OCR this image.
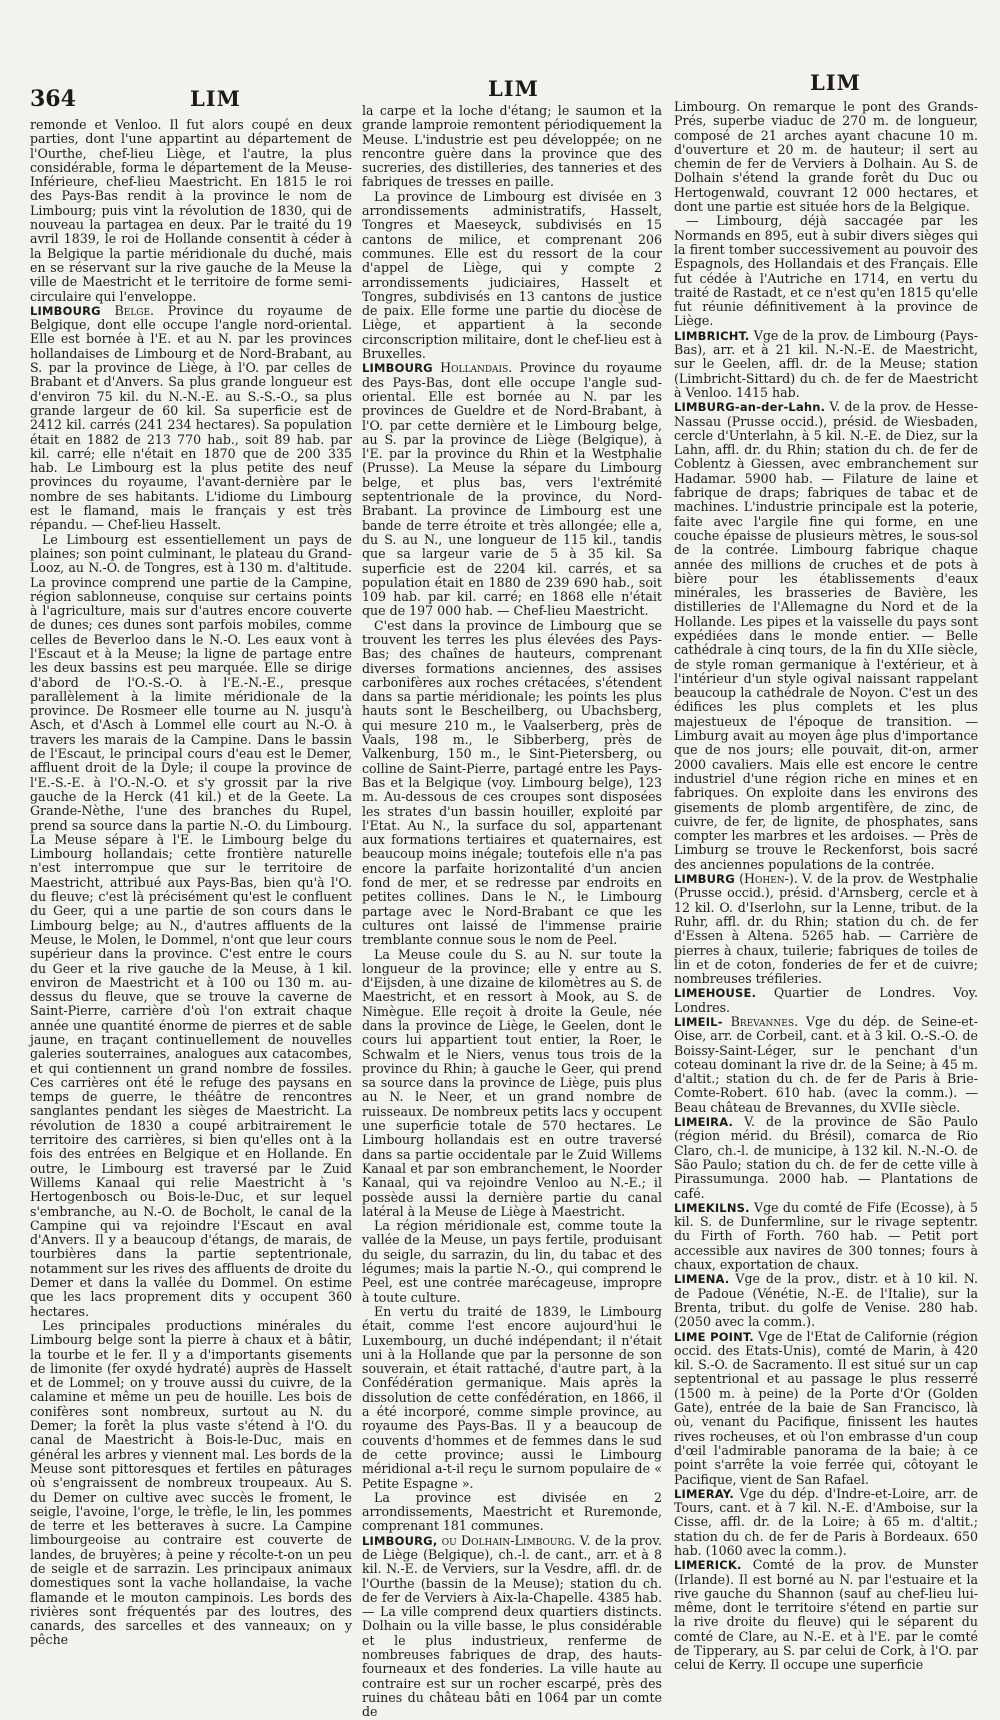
364	LIM	LIM	LIM

remonde et Venloo. Il fut alors coupé en deux parties, dont l'une appartint au département de l'Ourthe, chef-lieu Liège, et l'autre, la plus considérable, forma le département de la Meuse-Inférieure, chef-lieu Maestricht. En 1815 le roi des Pays-Bas rendit à la province le nom de Limbourg; puis vint la révolution de 1830, qui de nouveau la partagea en deux. Par le traité du 19 avril 1839, le roi de Hollande consentit à céder à la Belgique la partie méridionale du duché, mais en se réservant sur la rive gauche de la Meuse la ville de Maestricht et le territoire de forme semi-circulaire qui l'enveloppe.

LIMBOURG Belge. Province du royaume de Belgique, dont elle occupe l'angle nord-oriental. Elle est bornée à l'E. et au N. par les provinces hollandaises de Limbourg et de Nord-Brabant, au S. par la province de Liège, à l'O. par celles de Brabant et d'Anvers. Sa plus grande longueur est d'environ 75 kil. du N.-N.-E. au S.-S.-O., sa plus grande largeur de 60 kil. Sa superficie est de 2412 kil. carrés (241 234 hectares). Sa population était en 1882 de 213 770 hab., soit 89 hab. par kil. carré; elle n'était en 1870 que de 200 335 hab. Le Limbourg est la plus petite des neuf provinces du royaume, l'avant-dernière par le nombre de ses habitants. L'idiome du Limbourg est le flamand, mais le français y est très répandu. — Chef-lieu Hasselt.

Le Limbourg est essentiellement un pays de plaines; son point culminant, le plateau du Grand-Looz, au N.-O. de Tongres, est à 130 m. d'altitude. La province comprend une partie de la Campine, région sablonneuse, conquise sur certains points à l'agriculture, mais sur d'autres encore couverte de dunes; ces dunes sont parfois mobiles, comme celles de Beverloo dans le N.-O. Les eaux vont à l'Escaut et à la Meuse; la ligne de partage entre les deux bassins est peu marquée. Elle se dirige d'abord de l'O.-S.-O. à l'E.-N.-E., presque parallèlement à la limite méridionale de la province. De Rosmeer elle tourne au N. jusqu'à Asch, et d'Asch à Lommel elle court au N.-O. à travers les marais de la Campine. Dans le bassin de l'Escaut, le principal cours d'eau est le Demer, affluent droit de la Dyle; il coupe la province de l'E.-S.-E. à l'O.-N.-O. et s'y grossit par la rive gauche de la Herck (41 kil.) et de la Geete. La Grande-Nèthe, l'une des branches du Rupel, prend sa source dans la partie N.-O. du Limbourg. La Meuse sépare à l'E. le Limbourg belge du Limbourg hollandais; cette frontière naturelle n'est interrompue que sur le territoire de Maestricht, attribué aux Pays-Bas, bien qu'à l'O. du fleuve; c'est là précisément qu'est le confluent du Geer, qui a une partie de son cours dans le Limbourg belge; au N., d'autres affluents de la Meuse, le Molen, le Dommel, n'ont que leur cours supérieur dans la province. C'est entre le cours du Geer et la rive gauche de la Meuse, à 1 kil. environ de Maestricht et à 100 ou 130 m. au-dessus du fleuve, que se trouve la caverne de Saint-Pierre, carrière d'où l'on extrait chaque année une quantité énorme de pierres et de sable jaune, en traçant continuellement de nouvelles galeries souterraines, analogues aux catacombes, et qui contiennent un grand nombre de fossiles. Ces carrières ont été le refuge des paysans en temps de guerre, le théâtre de rencontres sanglantes pendant les sièges de Maestricht. La révolution de 1830 a coupé arbitrairement le territoire des carrières, si bien qu'elles ont à la fois des entrées en Belgique et en Hollande. En outre, le Limbourg est traversé par le Zuid Willems Kanaal qui relie Maestricht à 's Hertogenbosch ou Bois-le-Duc, et sur lequel s'embranche, au N.-O. de Bocholt, le canal de la Campine qui va rejoindre l'Escaut en aval d'Anvers. Il y a beaucoup d'étangs, de marais, de tourbières dans la partie septentrionale, notamment sur les rives des affluents de droite du Demer et dans la vallée du Dommel. On estime que les lacs proprement dits y occupent 360 hectares.

Les principales productions minérales du Limbourg belge sont la pierre à chaux et à bâtir, la tourbe et le fer. Il y a d'importants gisements de limonite (fer oxydé hydraté) auprès de Hasselt et de Lommel; on y trouve aussi du cuivre, de la calamine et même un peu de houille. Les bois de conifères sont nombreux, surtout au N. du Demer; la forêt la plus vaste s'étend à l'O. du canal de Maestricht à Bois-le-Duc, mais en général les arbres y viennent mal. Les bords de la Meuse sont pittoresques et fertiles en pâturages où s'engraissent de nombreux troupeaux. Au S. du Demer on cultive avec succès le froment, le seigle, l'avoine, l'orge, le trèfle, le lin, les pommes de terre et les betteraves à sucre. La Campine limbourgeoise au contraire est couverte de landes, de bruyères; à peine y récolte-t-on un peu de seigle et de sarrazin. Les principaux animaux domestiques sont la vache hollandaise, la vache flamande et le mouton campinois. Les bords des rivières sont fréquentés par des loutres, des canards, des sarcelles et des vanneaux; on y pêche

la carpe et la loche d'étang; le saumon et la grande lamproie remontent périodiquement la Meuse. L'industrie est peu développée; on ne rencontre guère dans la province que des sucreries, des distilleries, des tanneries et des fabriques de tresses en paille.

La province de Limbourg est divisée en 3 arrondissements administratifs, Hasselt, Tongres et Maeseyck, subdivisés en 15 cantons de milice, et comprenant 206 communes. Elle est du ressort de la cour d'appel de Liège, qui y compte 2 arrondissements judiciaires, Hasselt et Tongres, subdivisés en 13 cantons de justice de paix. Elle forme une partie du diocèse de Liège, et appartient à la seconde circonscription militaire, dont le chef-lieu est à Bruxelles.

LIMBOURG Hollandais. Province du royaume des Pays-Bas, dont elle occupe l'angle sud-oriental. Elle est bornée au N. par les provinces de Gueldre et de Nord-Brabant, à l'O. par cette dernière et le Limbourg belge, au S. par la province de Liège (Belgique), à l'E. par la province du Rhin et la Westphalie (Prusse). La Meuse la sépare du Limbourg belge, et plus bas, vers l'extrémité septentrionale de la province, du Nord-Brabant. La province de Limbourg est une bande de terre étroite et très allongée; elle a, du S. au N., une longueur de 115 kil., tandis que sa largeur varie de 5 à 35 kil. Sa superficie est de 2204 kil. carrés, et sa population était en 1880 de 239 690 hab., soit 109 hab. par kil. carré; en 1868 elle n'était que de 197 000 hab. — Chef-lieu Maestricht.

C'est dans la province de Limbourg que se trouvent les terres les plus élevées des Pays-Bas; des chaînes de hauteurs, comprenant diverses formations anciennes, des assises carbonifères aux roches crétacées, s'étendent dans sa partie méridionale; les points les plus hauts sont le Bescheilberg, ou Ubachsberg, qui mesure 210 m., le Vaalserberg, près de Vaals, 198 m., le Sibberberg, près de Valkenburg, 150 m., le Sint-Pietersberg, ou colline de Saint-Pierre, partagé entre les Pays-Bas et la Belgique (voy. Limbourg belge), 123 m. Au-dessous de ces croupes sont disposées les strates d'un bassin houiller, exploité par l'Etat. Au N., la surface du sol, appartenant aux formations tertiaires et quaternaires, est beaucoup moins inégale; toutefois elle n'a pas encore la parfaite horizontalité d'un ancien fond de mer, et se redresse par endroits en petites collines. Dans le N., le Limbourg partage avec le Nord-Brabant ce que les cultures ont laissé de l'immense prairie tremblante connue sous le nom de Peel.

La Meuse coule du S. au N. sur toute la longueur de la province; elle y entre au S. d'Eijsden, à une dizaine de kilomètres au S. de Maestricht, et en ressort à Mook, au S. de Nimègue. Elle reçoit à droite la Geule, née dans la province de Liège, le Geelen, dont le cours lui appartient tout entier, la Roer, le Schwalm et le Niers, venus tous trois de la province du Rhin; à gauche le Geer, qui prend sa source dans la province de Liège, puis plus au N. le Neer, et un grand nombre de ruisseaux. De nombreux petits lacs y occupent une superficie totale de 570 hectares. Le Limbourg hollandais est en outre traversé dans sa partie occidentale par le Zuid Willems Kanaal et par son embranchement, le Noorder Kanaal, qui va rejoindre Venloo au N.-E.; il possède aussi la dernière partie du canal latéral à la Meuse de Liège à Maestricht.

La région méridionale est, comme toute la vallée de la Meuse, un pays fertile, produisant du seigle, du sarrazin, du lin, du tabac et des légumes; mais la partie N.-O., qui comprend le Peel, est une contrée marécageuse, impropre à toute culture.

En vertu du traité de 1839, le Limbourg était, comme l'est encore aujourd'hui le Luxembourg, un duché indépendant; il n'était uni à la Hollande que par la personne de son souverain, et était rattaché, d'autre part, à la Confédération germanique. Mais après la dissolution de cette confédération, en 1866, il a été incorporé, comme simple province, au royaume des Pays-Bas. Il y a beaucoup de couvents d'hommes et de femmes dans le sud de cette province; aussi le Limbourg méridional a-t-il reçu le surnom populaire de « Petite Espagne ».

La province est divisée en 2 arrondissements, Maestricht et Ruremonde, comprenant 181 communes.

LIMBOURG, ou Dolhain-Limbourg. V. de la prov. de Liège (Belgique), ch.-l. de cant., arr. et à 8 kil. N.-E. de Verviers, sur la Vesdre, affl. dr. de l'Ourthe (bassin de la Meuse); station du ch. de fer de Verviers à Aix-la-Chapelle. 4385 hab. — La ville comprend deux quartiers distincts. Dolhain ou la ville basse, le plus considérable et le plus industrieux, renferme de nombreuses fabriques de drap, des hauts-fourneaux et des fonderies. La ville haute au contraire est sur un rocher escarpé, près des ruines du château bâti en 1064 par un comte de

Limbourg. On remarque le pont des Grands-Prés, superbe viaduc de 270 m. de longueur, composé de 21 arches ayant chacune 10 m. d'ouverture et 20 m. de hauteur; il sert au chemin de fer de Verviers à Dolhain. Au S. de Dolhain s'étend la grande forêt du Duc ou Hertogenwald, couvrant 12 000 hectares, et dont une partie est située hors de la Belgique.

— Limbourg, déjà saccagée par les Normands en 895, eut à subir divers sièges qui la firent tomber successivement au pouvoir des Espagnols, des Hollandais et des Français. Elle fut cédée à l'Autriche en 1714, en vertu du traité de Rastadt, et ce n'est qu'en 1815 qu'elle fut réunie définitivement à la province de Liège.

LIMBRICHT. Vge de la prov. de Limbourg (Pays-Bas), arr. et à 21 kil. N.-N.-E. de Maestricht, sur le Geelen, affl. dr. de la Meuse; station (Limbricht-Sittard) du ch. de fer de Maestricht à Venloo. 1415 hab.

LIMBURG-an-der-Lahn. V. de la prov. de Hesse-Nassau (Prusse occid.), présid. de Wiesbaden, cercle d'Unterlahn, à 5 kil. N.-E. de Diez, sur la Lahn, affl. dr. du Rhin; station du ch. de fer de Coblentz à Giessen, avec embranchement sur Hadamar. 5900 hab. — Filature de laine et fabrique de draps; fabriques de tabac et de machines. L'industrie principale est la poterie, faite avec l'argile fine qui forme, en une couche épaisse de plusieurs mètres, le sous-sol de la contrée. Limbourg fabrique chaque année des millions de cruches et de pots à bière pour les établissements d'eaux minérales, les brasseries de Bavière, les distilleries de l'Allemagne du Nord et de la Hollande. Les pipes et la vaisselle du pays sont expédiées dans le monde entier. — Belle cathédrale à cinq tours, de la fin du XIIe siècle, de style roman germanique à l'extérieur, et à l'intérieur d'un style ogival naissant rappelant beaucoup la cathédrale de Noyon. C'est un des édifices les plus complets et les plus majestueux de l'époque de transition. — Limburg avait au moyen âge plus d'importance que de nos jours; elle pouvait, dit-on, armer 2000 cavaliers. Mais elle est encore le centre industriel d'une région riche en mines et en fabriques. On exploite dans les environs des gisements de plomb argentifère, de zinc, de cuivre, de fer, de lignite, de phosphates, sans compter les marbres et les ardoises. — Près de Limburg se trouve le Reckenforst, bois sacré des anciennes populations de la contrée.

LIMBURG (Hohen-). V. de la prov. de Westphalie (Prusse occid.), présid. d'Arnsberg, cercle et à 12 kil. O. d'Iserlohn, sur la Lenne, tribut. de la Ruhr, affl. dr. du Rhin; station du ch. de fer d'Essen à Altena. 5265 hab. — Carrière de pierres à chaux, tuilerie; fabriques de toiles de lin et de coton, fonderies de fer et de cuivre; nombreuses tréfileries.

LIMEHOUSE. Quartier de Londres. Voy. Londres.

LIMEIL- Brevannes. Vge du dép. de Seine-et-Oise, arr. de Corbeil, cant. et à 3 kil. O.-S.-O. de Boissy-Saint-Léger, sur le penchant d'un coteau dominant la rive dr. de la Seine; à 45 m. d'altit.; station du ch. de fer de Paris à Brie-Comte-Robert. 610 hab. (avec la comm.). — Beau château de Brevannes, du XVIIe siècle.

LIMEIRA. V. de la province de São Paulo (région mérid. du Brésil), comarca de Rio Claro, ch.-l. de municipe, à 132 kil. N.-N.-O. de São Paulo; station du ch. de fer de cette ville à Pirassumunga. 2000 hab. — Plantations de café.

LIMEKILNS. Vge du comté de Fife (Ecosse), à 5 kil. S. de Dunfermline, sur le rivage septentr. du Firth of Forth. 760 hab. — Petit port accessible aux navires de 300 tonnes; fours à chaux, exportation de chaux.

LIMENA. Vge de la prov., distr. et à 10 kil. N. de Padoue (Vénétie, N.-E. de l'Italie), sur la Brenta, tribut. du golfe de Venise. 280 hab. (2050 avec la comm.).

LIME POINT. Vge de l'Etat de Californie (région occid. des Etats-Unis), comté de Marin, à 420 kil. S.-O. de Sacramento. Il est situé sur un cap septentrional et au passage le plus resserré (1500 m. à peine) de la Porte d'Or (Golden Gate), entrée de la baie de San Francisco, là où, venant du Pacifique, finissent les hautes rives rocheuses, et où l'on embrasse d'un coup d'œil l'admirable panorama de la baie; à ce point s'arrête la voie ferrée qui, côtoyant le Pacifique, vient de San Rafael.

LIMERAY. Vge du dép. d'Indre-et-Loire, arr. de Tours, cant. et à 7 kil. N.-E. d'Amboise, sur la Cisse, affl. dr. de la Loire; à 65 m. d'altit.; station du ch. de fer de Paris à Bordeaux. 650 hab. (1060 avec la comm.).

LIMERICK. Comté de la prov. de Munster (Irlande). Il est borné au N. par l'estuaire et la rive gauche du Shannon (sauf au chef-lieu lui-même, dont le territoire s'étend en partie sur la rive droite du fleuve) qui le séparent du comté de Clare, au N.-E. et à l'E. par le comté de Tipperary, au S. par celui de Cork, à l'O. par celui de Kerry. Il occupe une superficie
